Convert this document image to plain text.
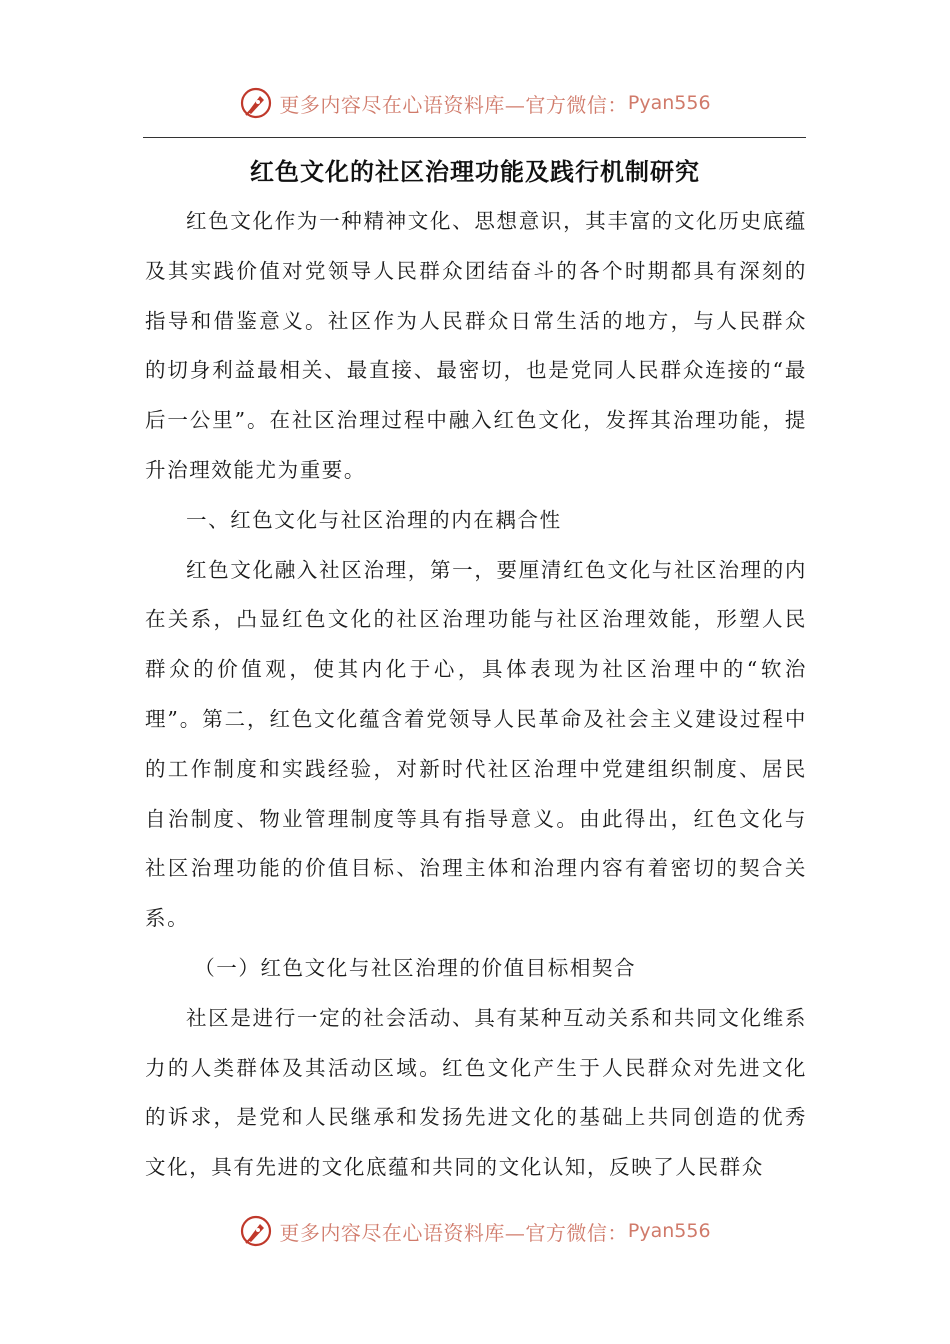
更多内容尽在心语资料库—官方微信： Pyan556
红色文化的社区治理功能及践行机制研究

红色文化作为一种精神文化、思想意识，其丰富的文化历史底蕴及其实践价值对党领导人民群众团结奋斗的各个时期都具有深刻的指导和借鉴意义。社区作为人民群众日常生活的地方，与人民群众的切身利益最相关、最直接、最密切，也是党同人民群众连接的“最后一公里”。在社区治理过程中融入红色文化，发挥其治理功能，提升治理效能尤为重要。

一、红色文化与社区治理的内在耦合性

红色文化融入社区治理，第一，要厘清红色文化与社区治理的内在关系，凸显红色文化的社区治理功能与社区治理效能，形塑人民群众的价值观，使其内化于心，具体表现为社区治理中的“软治理”。第二，红色文化蕴含着党领导人民革命及社会主义建设过程中的工作制度和实践经验，对新时代社区治理中党建组织制度、居民自治制度、物业管理制度等具有指导意义。由此得出，红色文化与社区治理功能的价值目标、治理主体和治理内容有着密切的契合关系。

（一）红色文化与社区治理的价值目标相契合

社区是进行一定的社会活动、具有某种互动关系和共同文化维系力的人类群体及其活动区域。红色文化产生于人民群众对先进文化的诉求，是党和人民继承和发扬先进文化的基础上共同创造的优秀文化，具有先进的文化底蕴和共同的文化认知，反映了人民群众

更多内容尽在心语资料库—官方微信： Pyan556
